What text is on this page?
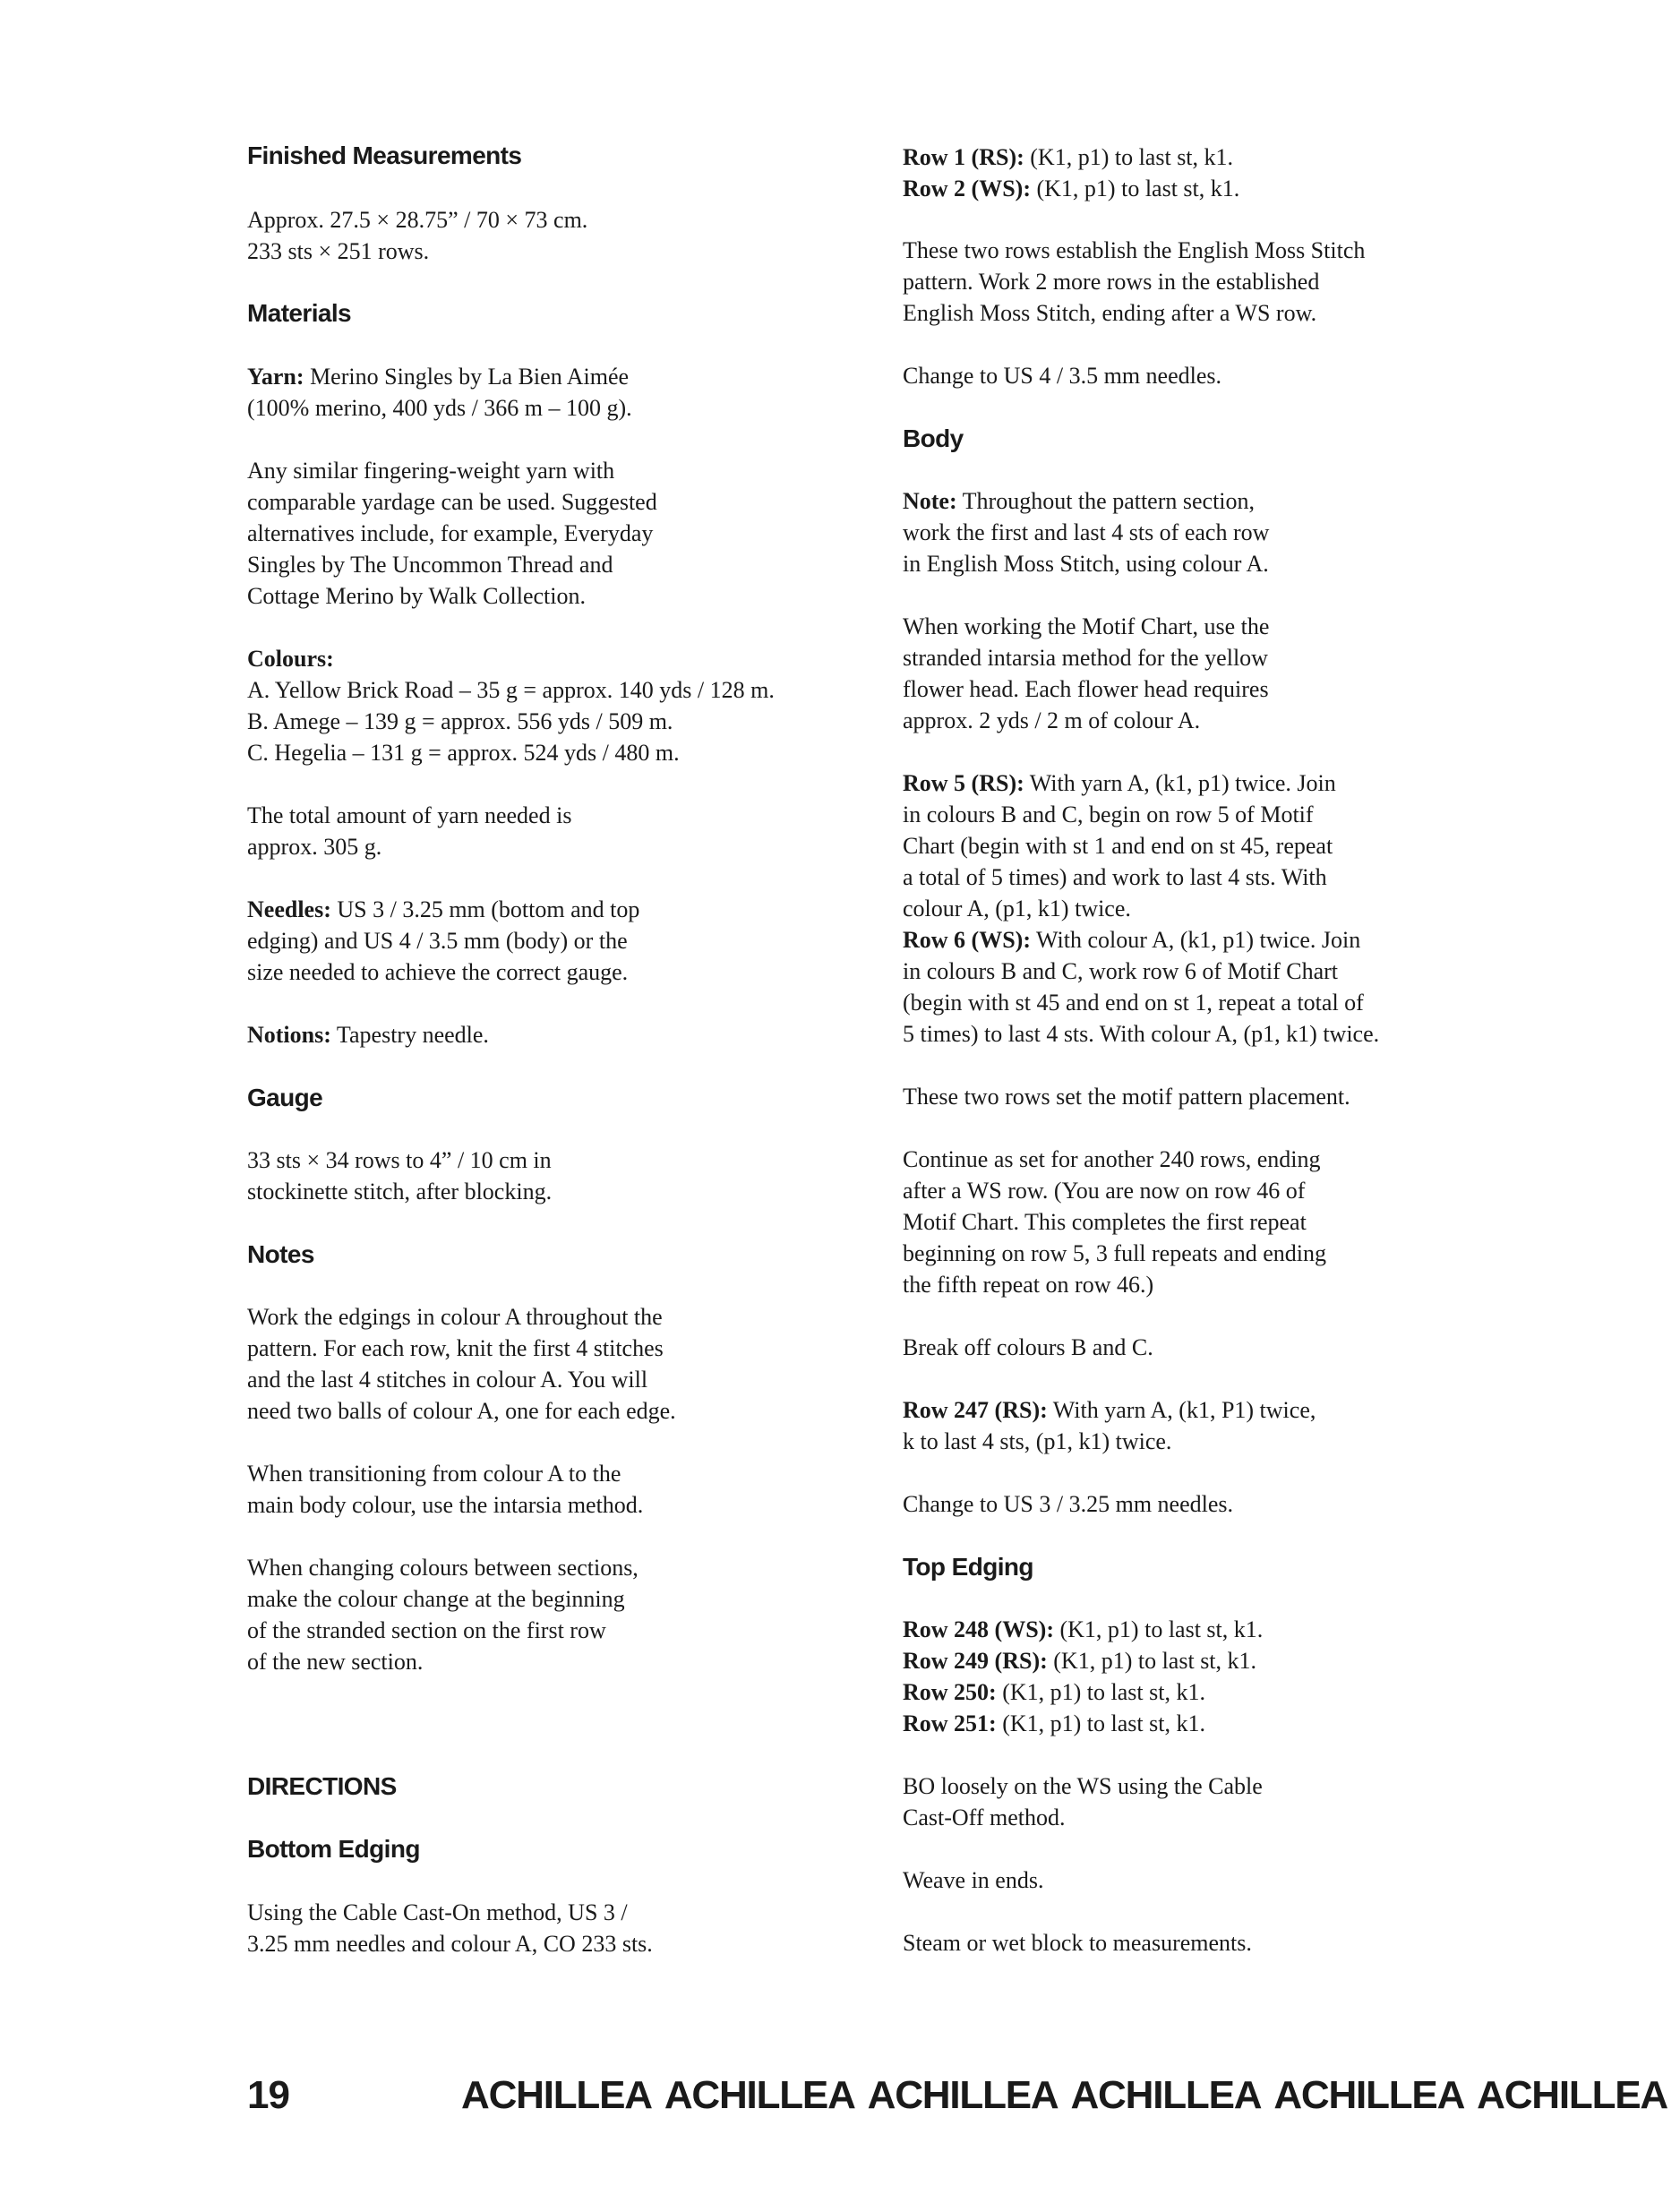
Finished Measurements

Approx. 27.5 × 28.75” / 70 × 73 cm.

233 sts × 251 rows.

Materials

Yarn: Merino Singles by La Bien Aimée

(100% merino, 400 yds / 366 m – 100 g).

Any similar fingering-weight yarn with

comparable yardage can be used. Suggested

alternatives include, for example, Everyday

Singles by The Uncommon Thread and

Cottage Merino by Walk Collection.

Colours:

A. Yellow Brick Road – 35 g = approx. 140 yds / 128 m.

B. Amege – 139 g = approx. 556 yds / 509 m.

C. Hegelia – 131 g = approx. 524 yds / 480 m.

The total amount of yarn needed is

approx. 305 g.

Needles: US 3 / 3.25 mm (bottom and top

edging) and US 4 / 3.5 mm (body) or the

size needed to achieve the correct gauge.

Notions: Tapestry needle.

Gauge

33 sts × 34 rows to 4” / 10 cm in

stockinette stitch, after blocking.

Notes

Work the edgings in colour A throughout the

pattern. For each row, knit the first 4 stitches

and the last 4 stitches in colour A. You will

need two balls of colour A, one for each edge.

When transitioning from colour A to the

main body colour, use the intarsia method.

When changing colours between sections,

make the colour change at the beginning

of the stranded section on the first row

of the new section.

DIRECTIONS
Bottom Edging

Using the Cable Cast-On method, US 3 /

3.25 mm needles and colour A, CO 233 sts.

Row 1 (RS): (K1, p1) to last st, k1.

Row 2 (WS): (K1, p1) to last st, k1.

These two rows establish the English Moss Stitch

pattern. Work 2 more rows in the established

English Moss Stitch, ending after a WS row.

Change to US 4 / 3.5 mm needles.

Body

Note: Throughout the pattern section,

work the first and last 4 sts of each row

in English Moss Stitch, using colour A.

When working the Motif Chart, use the

stranded intarsia method for the yellow

flower head. Each flower head requires

approx. 2 yds / 2 m of colour A.

Row 5 (RS): With yarn A, (k1, p1) twice. Join

in colours B and C, begin on row 5 of Motif

Chart (begin with st 1 and end on st 45, repeat

a total of 5 times) and work to last 4 sts. With

colour A, (p1, k1) twice.

Row 6 (WS): With colour A, (k1, p1) twice. Join

in colours B and C, work row 6 of Motif Chart

(begin with st 45 and end on st 1, repeat a total of

5 times) to last 4 sts. With colour A, (p1, k1) twice.

These two rows set the motif pattern placement.

Continue as set for another 240 rows, ending

after a WS row. (You are now on row 46 of

Motif Chart. This completes the first repeat

beginning on row 5, 3 full repeats and ending

the fifth repeat on row 46.)

Break off colours B and C.

Row 247 (RS): With yarn A, (k1, P1) twice,

k to last 4 sts, (p1, k1) twice.

Change to US 3 / 3.25 mm needles.

Top Edging

Row 248 (WS): (K1, p1) to last st, k1.

Row 249 (RS): (K1, p1) to last st, k1.

Row 250: (K1, p1) to last st, k1.

Row 251: (K1, p1) to last st, k1.

BO loosely on the WS using the Cable

Cast-Off method.

Weave in ends.

Steam or wet block to measurements.

19	ACHILLEA ACHILLEA ACHILLEA ACHILLEA ACHILLEA ACHILLEA
